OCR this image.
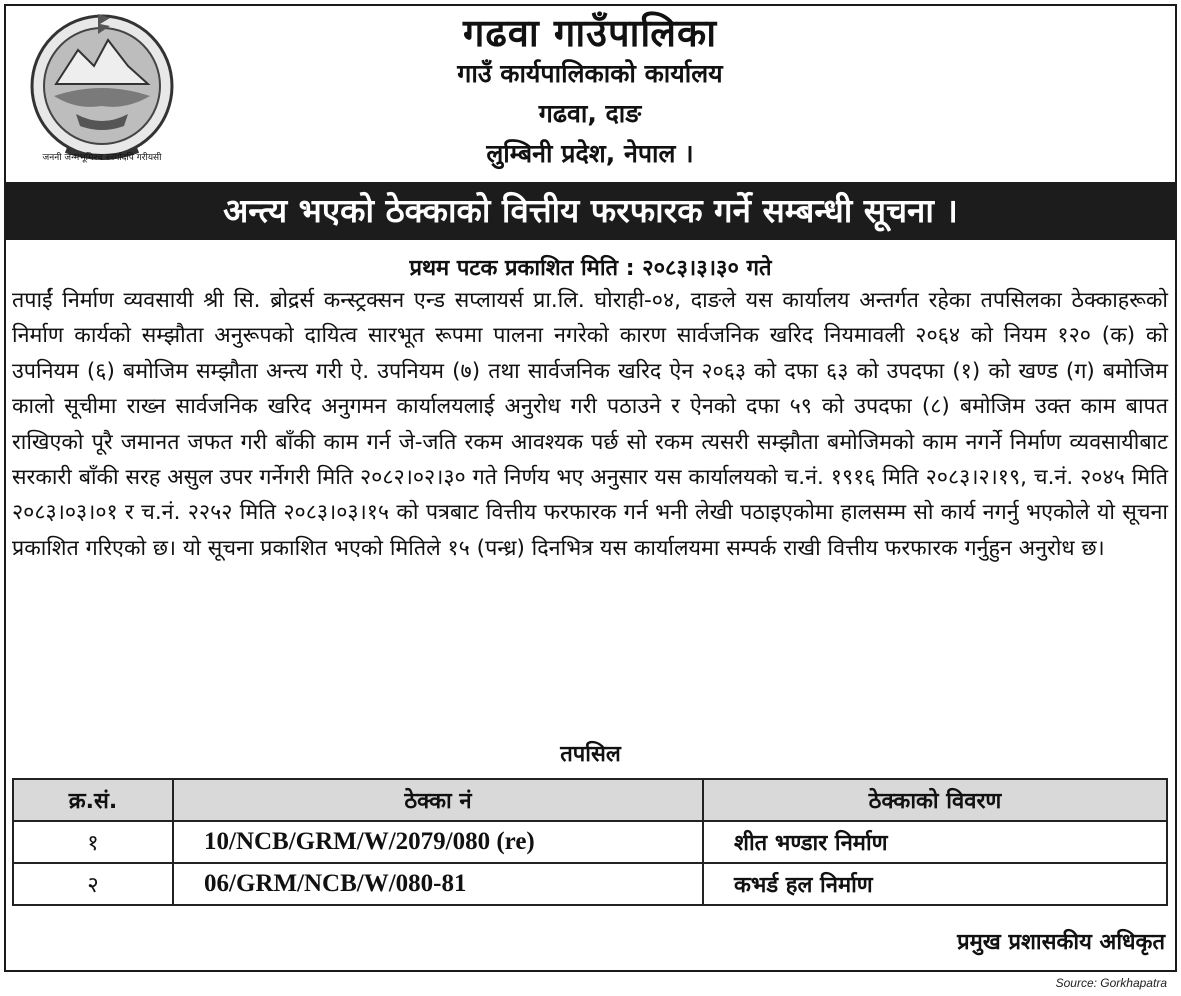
जननी जन्मभूमिश्च स्वर्गादपि गरीयसी
गढवा गाउँपालिका
गाउँ कार्यपालिकाको कार्यालय
गढवा, दाङ
लुम्बिनी प्रदेश, नेपाल ।
अन्त्य भएको ठेक्काको वित्तीय फरफारक गर्ने सम्बन्धी सूचना ।
प्रथम पटक प्रकाशित मिति : २०८३।३।३० गते
तपाईं निर्माण व्यवसायी श्री सि. ब्रोद्रर्स कन्स्ट्रक्सन एन्ड सप्लायर्स प्रा.लि. घोराही-०४, दाङले यस कार्यालय अन्तर्गत रहेका तपसिलका ठेक्काहरूको निर्माण कार्यको सम्झौता अनुरूपको दायित्व सारभूत रूपमा पालना नगरेको कारण सार्वजनिक खरिद नियमावली २०६४ को नियम १२० (क) को उपनियम (६) बमोजिम सम्झौता अन्त्य गरी ऐ. उपनियम (७) तथा सार्वजनिक खरिद ऐन २०६३ को दफा ६३ को उपदफा (१) को खण्ड (ग) बमोजिम कालो सूचीमा राख्न सार्वजनिक खरिद अनुगमन कार्यालयलाई अनुरोध गरी पठाउने र ऐनको दफा ५९ को उपदफा (८) बमोजिम उक्त काम बापत राखिएको पूरै जमानत जफत गरी बाँकी काम गर्न जे-जति रकम आवश्यक पर्छ सो रकम त्यसरी सम्झौता बमोजिमको काम नगर्ने निर्माण व्यवसायीबाट सरकारी बाँकी सरह असुल उपर गर्नेगरी मिति २०८२।०२।३० गते निर्णय भए अनुसार यस कार्यालयको च.नं. १९१६ मिति २०८३।२।१९, च.नं. २०४५ मिति २०८३।०३।०१ र च.नं. २२५२ मिति २०८३।०३।१५ को पत्रबाट वित्तीय फरफारक गर्न भनी लेखी पठाइएकोमा हालसम्म सो कार्य नगर्नु भएकोले यो सूचना प्रकाशित गरिएको छ। यो सूचना प्रकाशित भएको मितिले १५ (पन्ध्र) दिनभित्र यस कार्यालयमा सम्पर्क राखी वित्तीय फरफारक गर्नुहुन अनुरोध छ।
तपसिल
क्र.सं.	ठेक्का नं	ठेक्काको विवरण
१	10/NCB/GRM/W/2079/080 (re)	शीत भण्डार निर्माण
२	06/GRM/NCB/W/080-81	कभर्ड हल निर्माण
प्रमुख प्रशासकीय अधिकृत
Source: Gorkhapatra
